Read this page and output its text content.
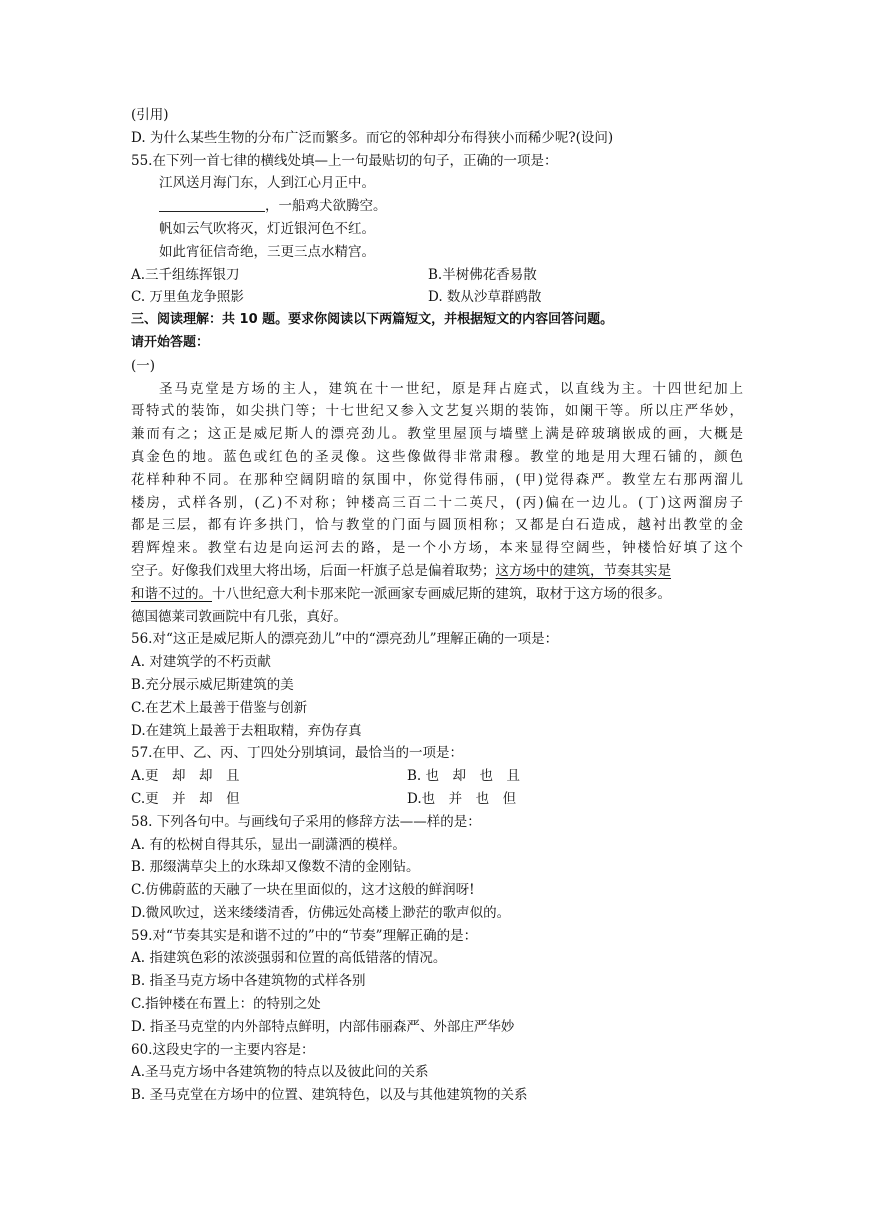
(引用)
D. 为什么某些生物的分布广泛而繁多。而它的邻种却分布得狭小而稀少呢?(设问)
55.在下列一首七律的横线处填—上一句最贴切的句子，正确的一项是：
江风送月海门东，人到江心月正中。
，一船鸡犬欲腾空。
帆如云气吹将灭，灯近银河色不红。
如此宵征信奇绝，三更三点水精宫。
A.三千组练挥银刀	B.半树佛花香易散
C. 万里鱼龙争照影	D. 数从沙草群鸥散
三、阅读理解：共 10 题。要求你阅读以下两篇短文，并根据短文的内容回答问题。
请开始答题：
(一)
圣马克堂是方场的主人，建筑在十一世纪，原是拜占庭式，以直线为主。十四世纪加上
哥特式的装饰，如尖拱门等；十七世纪又参入文艺复兴期的装饰，如阑干等。所以庄严华妙，
兼而有之；这正是威尼斯人的漂亮劲儿。教堂里屋顶与墙壁上满是碎玻璃嵌成的画，大概是
真金色的地。蓝色或红色的圣灵像。这些像做得非常肃穆。教堂的地是用大理石铺的，颜色
花样种种不同。在那种空阔阴暗的氛围中，你觉得伟丽，(甲)觉得森严。教堂左右那两溜儿
楼房，式样各别，(乙)不对称；钟楼高三百二十二英尺，(丙)偏在一边儿。(丁)这两溜房子
都是三层，都有许多拱门，恰与教堂的门面与圆顶相称；又都是白石造成，越衬出教堂的金
碧辉煌来。教堂右边是向运河去的路，是一个小方场，本来显得空阔些，钟楼恰好填了这个
空子。好像我们戏里大将出场，后面一杆旗子总是偏着取势；这方场中的建筑，节奏其实是
和谐不过的。十八世纪意大利卡那来陀一派画家专画威尼斯的建筑，取材于这方场的很多。
德国德莱司敦画院中有几张，真好。
56.对“这正是威尼斯人的漂亮劲儿”中的“漂亮劲儿”理解正确的一项是：
A. 对建筑学的不朽贡献
B.充分展示威尼斯建筑的美
C.在艺术上最善于借鉴与创新
D.在建筑上最善于去粗取精，弃伪存真
57.在甲、乙、丙、丁四处分别填词，最恰当的一项是：
A.更　却　却　且	B. 也　却　也　且
C.更　并　却　但	D.也　并　也　但
58. 下列各句中。与画线句子采用的修辞方法——样的是：
A. 有的松树自得其乐，显出一副潇洒的模样。
B. 那缀满草尖上的水珠却又像数不清的金刚钻。
C.仿佛蔚蓝的天融了一块在里面似的，这才这般的鲜润呀!
D.微风吹过，送来缕缕清香，仿佛远处高楼上渺茫的歌声似的。
59.对“节奏其实是和谐不过的”中的“节奏”理解正确的是：
A. 指建筑色彩的浓淡强弱和位置的高低错落的情况。
B. 指圣马克方场中各建筑物的式样各别
C.指钟楼在布置上：的特别之处
D. 指圣马克堂的内外部特点鲜明，内部伟丽森严、外部庄严华妙
60.这段史字的一主要内容是：
A.圣马克方场中各建筑物的特点以及彼此问的关系
B. 圣马克堂在方场中的位置、建筑特色，以及与其他建筑物的关系
